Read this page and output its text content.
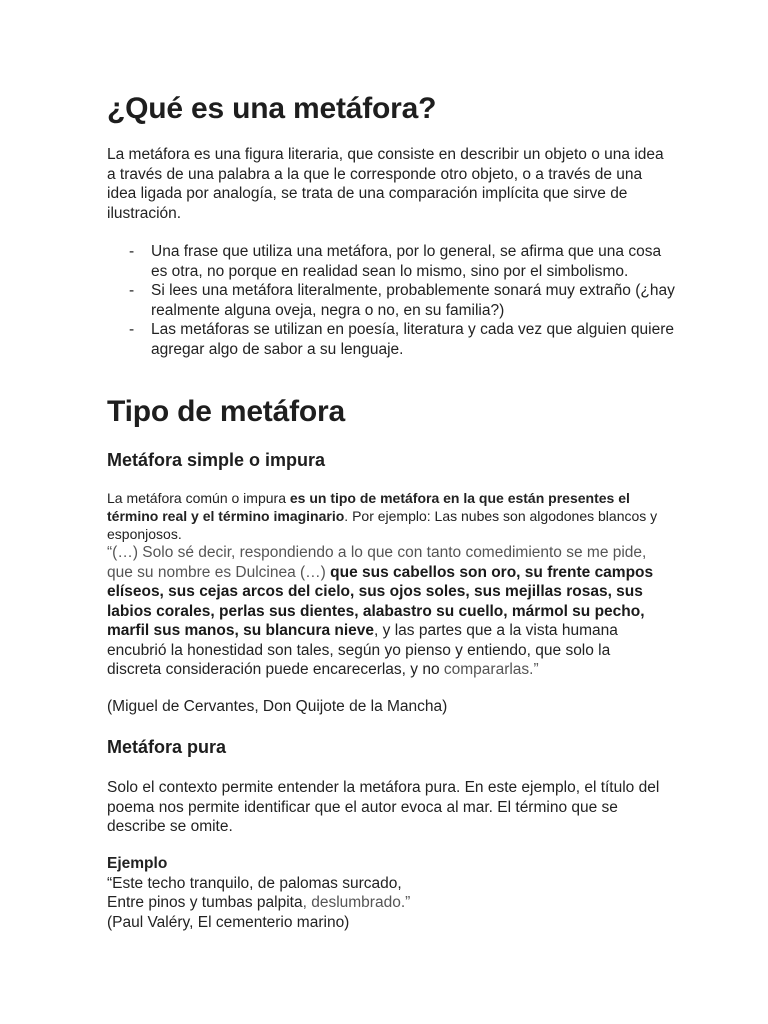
¿Qué es una metáfora?

La metáfora es una figura literaria, que consiste en describir un objeto o una idea a través de una palabra a la que le corresponde otro objeto, o a través de una idea ligada por analogía, se trata de una comparación implícita que sirve de ilustración.

- Una frase que utiliza una metáfora, por lo general, se afirma que una cosa es otra, no porque en realidad sean lo mismo, sino por el simbolismo.
- Si lees una metáfora literalmente, probablemente sonará muy extraño (¿hay realmente alguna oveja, negra o no, en su familia?)
- Las metáforas se utilizan en poesía, literatura y cada vez que alguien quiere agregar algo de sabor a su lenguaje.
Tipo de metáfora
Metáfora simple o impura

La metáfora común o impura es un tipo de metáfora en la que están presentes el término real y el término imaginario. Por ejemplo: Las nubes son algodones blancos y esponjosos.

“(…) Solo sé decir, respondiendo a lo que con tanto comedimiento se me pide, que su nombre es Dulcinea (…) que sus cabellos son oro, su frente campos elíseos, sus cejas arcos del cielo, sus ojos soles, sus mejillas rosas, sus labios corales, perlas sus dientes, alabastro su cuello, mármol su pecho, marfil sus manos, su blancura nieve, y las partes que a la vista humana encubrió la honestidad son tales, según yo pienso y entiendo, que solo la discreta consideración puede encarecerlas, y no compararlas.”

(Miguel de Cervantes, Don Quijote de la Mancha)

Metáfora pura

Solo el contexto permite entender la metáfora pura. En este ejemplo, el título del poema nos permite identificar que el autor evoca al mar. El término que se describe se omite.

Ejemplo

“Este techo tranquilo, de palomas surcado,

Entre pinos y tumbas palpita, deslumbrado.”

(Paul Valéry, El cementerio marino)
